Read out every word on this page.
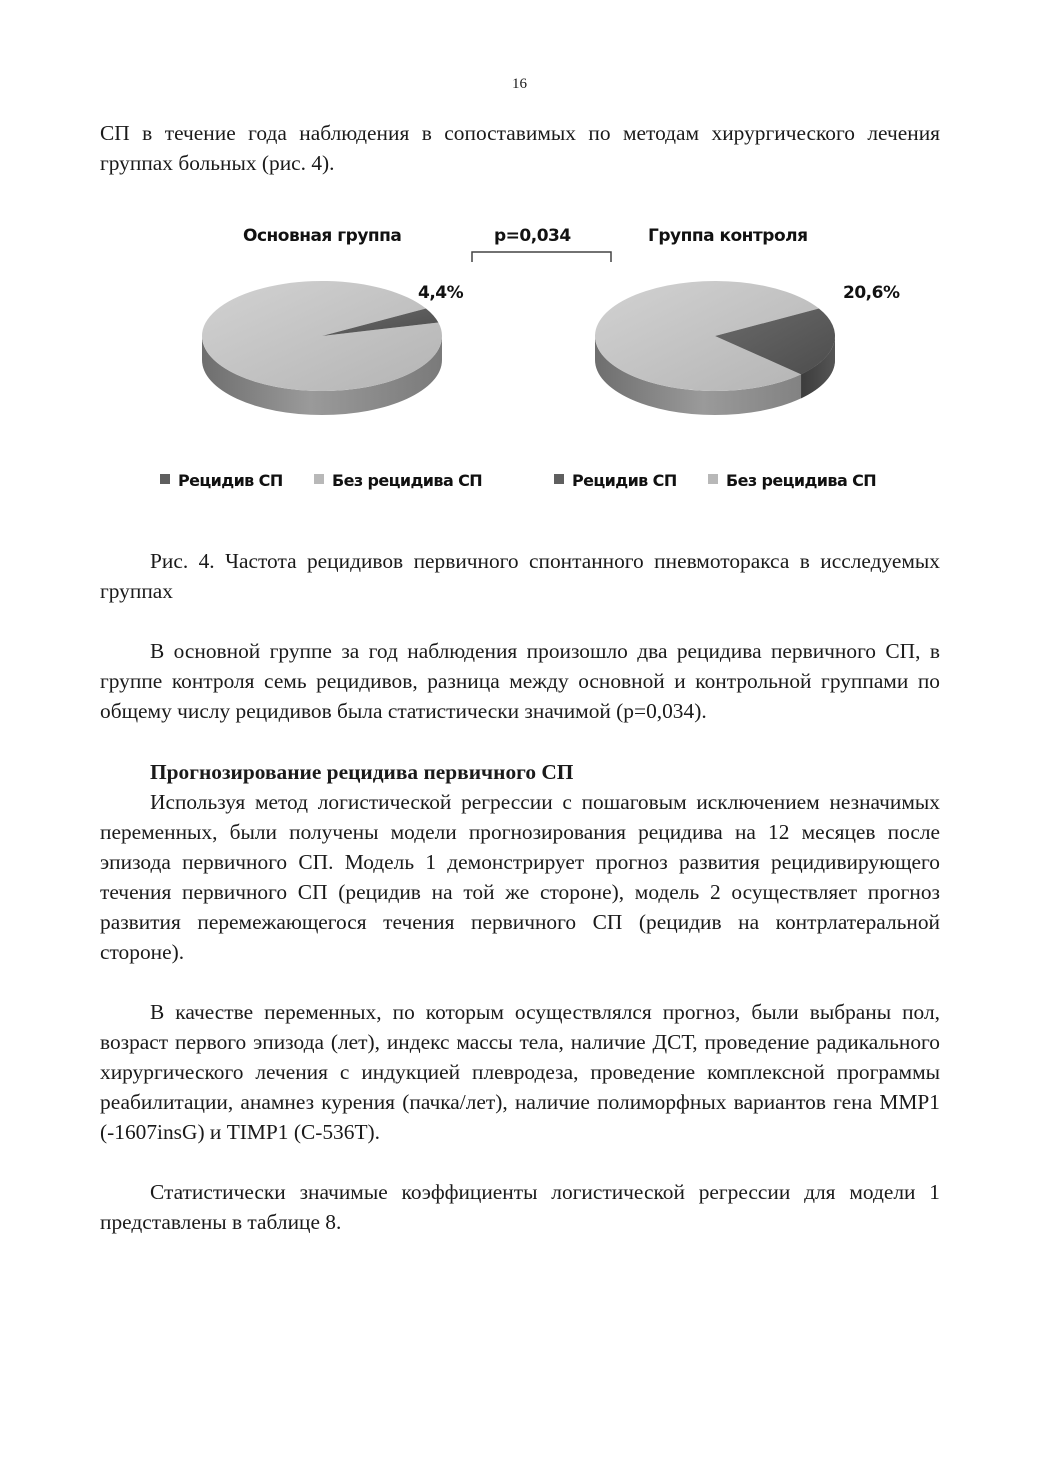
16

СП в течение года наблюдения в сопоставимых по методам хирургического лечения группах больных (рис. 4).

Основная группа	Группа контроля
p=0,034
4,4%	20,6%
Рецидив СП	Без рецидива СП	Рецидив СП	Без рецидива СП

Рис. 4. Частота рецидивов первичного спонтанного пневмоторакса в исследуемых группах

В основной группе за год наблюдения произошло два рецидива первичного СП, в группе контроля семь рецидивов, разница между основной и контрольной группами по общему числу рецидивов была статистически значимой (p=0,034).

Прогнозирование рецидива первичного СП

Используя метод логистической регрессии с пошаговым исключением незначимых переменных, были получены модели прогнозирования рецидива на 12 месяцев после эпизода первичного СП. Модель 1 демонстрирует прогноз развития рецидивирующего течения первичного СП (рецидив на той же стороне), модель 2 осуществляет прогноз развития перемежающегося течения первичного СП (рецидив на контрлатеральной стороне).

В качестве переменных, по которым осуществлялся прогноз, были выбраны пол, возраст первого эпизода (лет), индекс массы тела, наличие ДСТ, проведение радикального хирургического лечения с индукцией плевродеза, проведение комплексной программы реабилитации, анамнез курения (пачка/лет), наличие полиморфных вариантов гена MMP1 (-1607insG) и TIMP1 (C-536T).

Статистически значимые коэффициенты логистической регрессии для модели 1 представлены в таблице 8.
